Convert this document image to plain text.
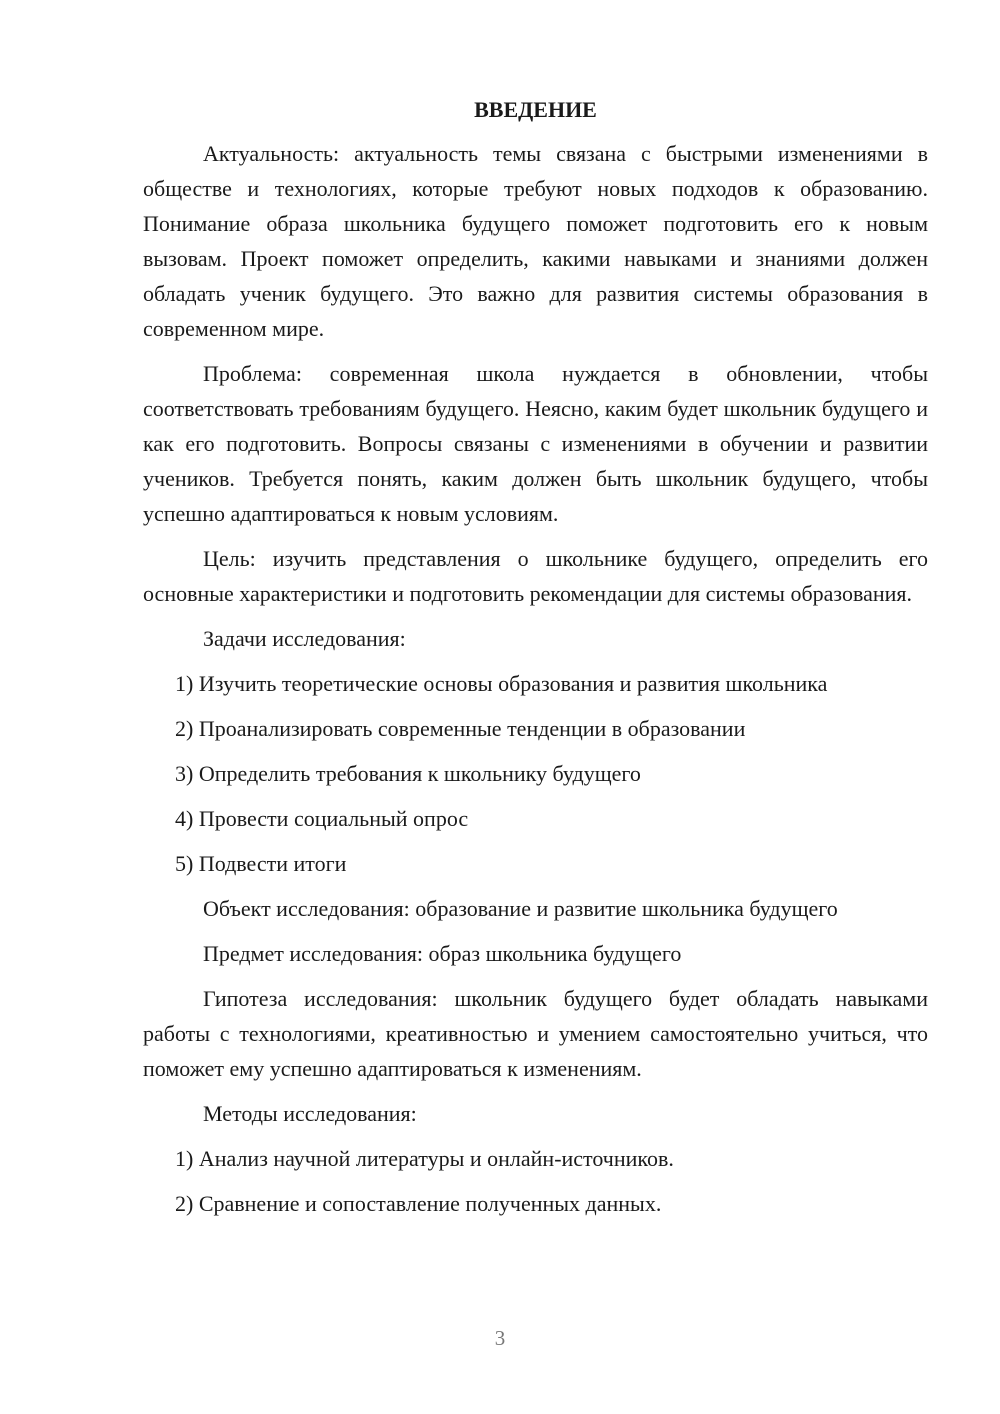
ВВЕДЕНИЕ

Актуальность: актуальность темы связана с быстрыми изменениями в обществе и технологиях, которые требуют новых подходов к образованию. Понимание образа школьника будущего поможет подготовить его к новым вызовам. Проект поможет определить, какими навыками и знаниями должен обладать ученик будущего. Это важно для развития системы образования в современном мире.

Проблема: современная школа нуждается в обновлении, чтобы соответствовать требованиям будущего. Неясно, каким будет школьник будущего и как его подготовить. Вопросы связаны с изменениями в обучении и развитии учеников. Требуется понять, каким должен быть школьник будущего, чтобы успешно адаптироваться к новым условиям.

Цель: изучить представления о школьнике будущего, определить его основные характеристики и подготовить рекомендации для системы образования.

Задачи исследования:
1) Изучить теоретические основы образования и развития школьника
2) Проанализировать современные тенденции в образовании
3) Определить требования к школьнику будущего
4) Провести социальный опрос
5) Подвести итоги
Объект исследования: образование и развитие школьника будущего
Предмет исследования: образ школьника будущего

Гипотеза исследования: школьник будущего будет обладать навыками работы с технологиями, креативностью и умением самостоятельно учиться, что поможет ему успешно адаптироваться к изменениям.

Методы исследования:
1) Анализ научной литературы и онлайн-источников.
2) Сравнение и сопоставление полученных данных.
3
